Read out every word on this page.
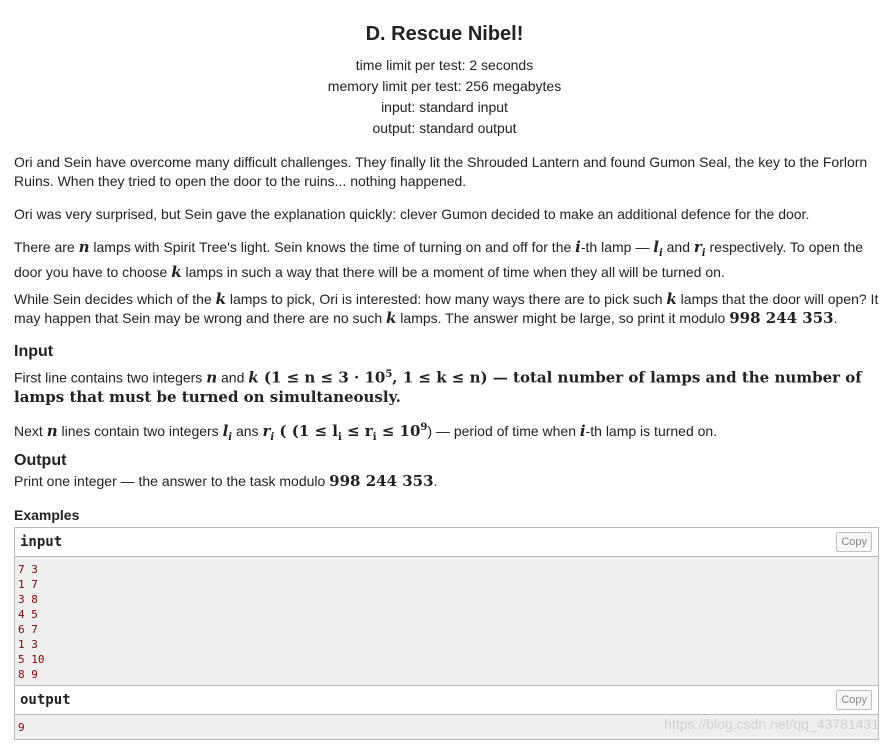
D. Rescue Nibel!
time limit per test: 2 seconds
memory limit per test: 256 megabytes
input: standard input
output: standard output
Ori and Sein have overcome many difficult challenges. They finally lit the Shrouded Lantern and found Gumon Seal, the key to the Forlorn Ruins. When they tried to open the door to the ruins... nothing happened.
Ori was very surprised, but Sein gave the explanation quickly: clever Gumon decided to make an additional defence for the door.
There are n lamps with Spirit Tree's light. Sein knows the time of turning on and off for the i-th lamp — $l_i$ and $r_i$ respectively. To open the door you have to choose k lamps in such a way that there will be a moment of time when they all will be turned on.
While Sein decides which of the k lamps to pick, Ori is interested: how many ways there are to pick such k lamps that the door will open? It may happen that Sein may be wrong and there are no such k lamps. The answer might be large, so print it modulo 998 244 353.
Input
First line contains two integers n and k ($1 \le n \le 3 \cdot 10^5$, 1 ≤ k ≤ n) — total number of lamps and the number of lamps that must be turned on simultaneously.
Next n lines contain two integers $l_i$ ans $r_i$ ( $(1 \le l_i \le r_i \le 10^9)$ — period of time when i-th lamp is turned on.
Output
Print one integer — the answer to the task modulo 998 244 353.
Examples
input	Copy
7 3
1 7
3 8
4 5
6 7
1 3
5 10
8 9
output	Copy
9	https://blog.csdn.net/qq_43781431
